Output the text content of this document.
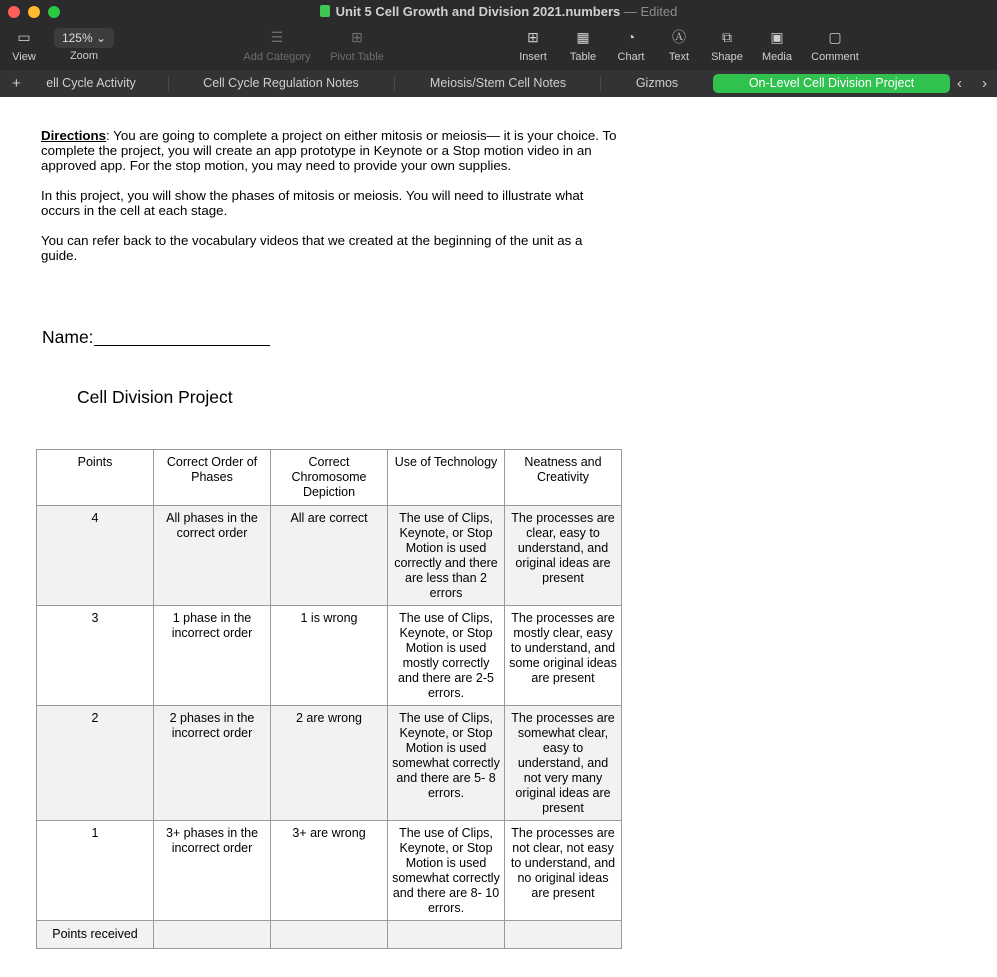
Unit 5 Cell Growth and Division 2021.numbers — Edited
▭
View
125% ⌄
Zoom
☰
Add Category
⊞
Pivot Table
⊞
Insert
▦
Table
◔
Chart
Ⓐ
Text
⧉
Shape
▣
Media
▢
Comment
+	ell Cycle Activity	Cell Cycle Regulation Notes	Meiosis/Stem Cell Notes	Gizmos	On-Level Cell Division Project	‹ ›

Directions: You are going to complete a project on either mitosis or meiosis— it is your choice. To complete the project, you will create an app prototype in Keynote or a Stop motion video in an approved app. For the stop motion, you may need to provide your own supplies.

In this project, you will show the phases of mitosis or meiosis. You will need to illustrate what occurs in the cell at each stage.

You can refer back to the vocabulary videos that we created at the beginning of the unit as a guide.

Name:
Cell Division Project
Points	Correct Order of Phases	Correct Chromosome Depiction	Use of Technology	Neatness and Creativity

4	All phases in the correct order	All are correct	The use of Clips, Keynote, or Stop Motion is used correctly and there are less than 2 errors	The processes are clear, easy to understand, and original ideas are present

3	1 phase in the incorrect order	1 is wrong	The use of Clips, Keynote, or Stop Motion is used mostly correctly and there are 2-5 errors.	The processes are mostly clear, easy to understand, and some original ideas are present

2	2 phases in the incorrect order	2 are wrong	The use of Clips, Keynote, or Stop Motion is used somewhat correctly and there are 5- 8 errors.	The processes are somewhat clear, easy to understand, and not very many original ideas are present

1	3+ phases in the incorrect order	3+ are wrong	The use of Clips, Keynote, or Stop Motion is used somewhat correctly and there are 8- 10 errors.	The processes are not clear, not easy to understand, and no original ideas are present

Points received				
